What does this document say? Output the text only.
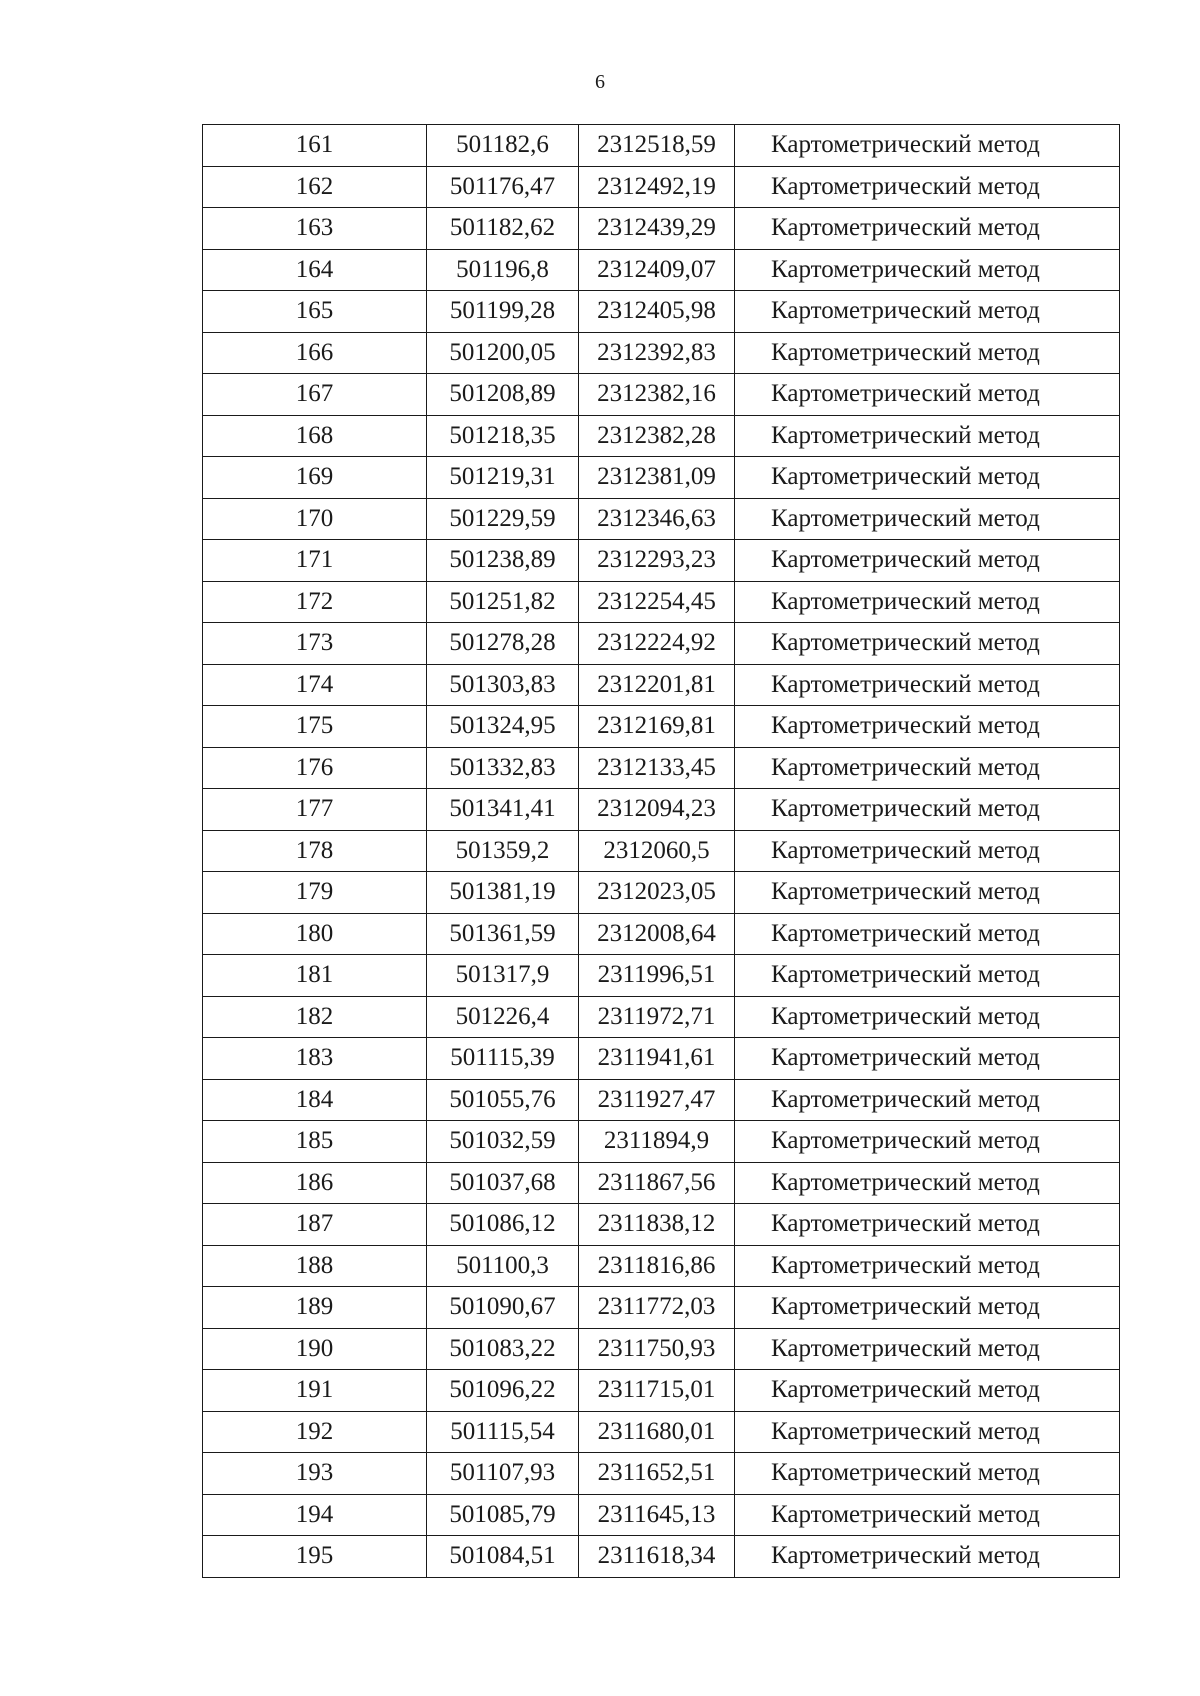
6
161	501182,6	2312518,59	Картометрический метод
162	501176,47	2312492,19	Картометрический метод
163	501182,62	2312439,29	Картометрический метод
164	501196,8	2312409,07	Картометрический метод
165	501199,28	2312405,98	Картометрический метод
166	501200,05	2312392,83	Картометрический метод
167	501208,89	2312382,16	Картометрический метод
168	501218,35	2312382,28	Картометрический метод
169	501219,31	2312381,09	Картометрический метод
170	501229,59	2312346,63	Картометрический метод
171	501238,89	2312293,23	Картометрический метод
172	501251,82	2312254,45	Картометрический метод
173	501278,28	2312224,92	Картометрический метод
174	501303,83	2312201,81	Картометрический метод
175	501324,95	2312169,81	Картометрический метод
176	501332,83	2312133,45	Картометрический метод
177	501341,41	2312094,23	Картометрический метод
178	501359,2	2312060,5	Картометрический метод
179	501381,19	2312023,05	Картометрический метод
180	501361,59	2312008,64	Картометрический метод
181	501317,9	2311996,51	Картометрический метод
182	501226,4	2311972,71	Картометрический метод
183	501115,39	2311941,61	Картометрический метод
184	501055,76	2311927,47	Картометрический метод
185	501032,59	2311894,9	Картометрический метод
186	501037,68	2311867,56	Картометрический метод
187	501086,12	2311838,12	Картометрический метод
188	501100,3	2311816,86	Картометрический метод
189	501090,67	2311772,03	Картометрический метод
190	501083,22	2311750,93	Картометрический метод
191	501096,22	2311715,01	Картометрический метод
192	501115,54	2311680,01	Картометрический метод
193	501107,93	2311652,51	Картометрический метод
194	501085,79	2311645,13	Картометрический метод
195	501084,51	2311618,34	Картометрический метод
